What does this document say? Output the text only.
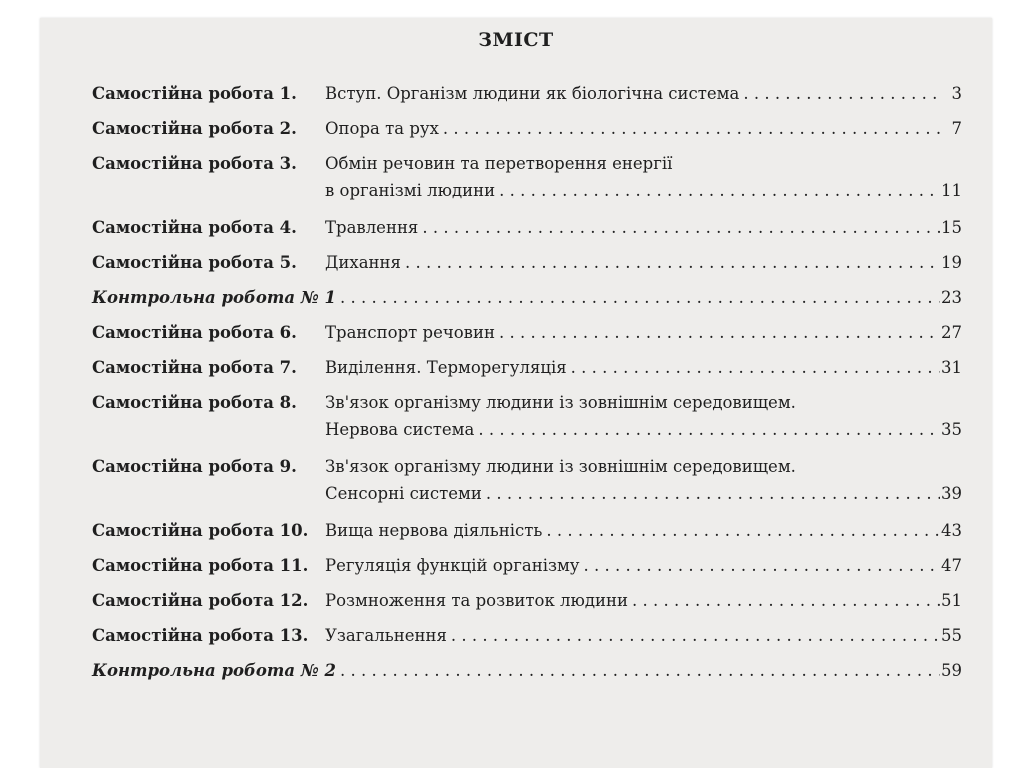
ЗМІСТ
Самостійна робота 1.	Вступ. Організм людини як біологічна система . . .	3
Самостійна робота 2.	Опора та рух . . .	7
Самостійна робота 3.	Обмін речовин та перетворення енергії
в організмі людини . . .	11
Самостійна робота 4.	Травлення . . .	15
Самостійна робота 5.	Дихання . . .	19
Контрольна робота № 1 . . .	23
Самостійна робота 6.	Транспорт речовин . . .	27
Самостійна робота 7.	Виділення. Терморегуляція . . .	31
Самостійна робота 8.	Зв'язок організму людини із зовнішнім середовищем.
Нервова система . . .	35
Самостійна робота 9.	Зв'язок організму людини із зовнішнім середовищем.
Сенсорні системи . . .	39
Самостійна робота 10.	Вища нервова діяльність . . .	43
Самостійна робота 11.	Регуляція функцій організму . . .	47
Самостійна робота 12.	Розмноження та розвиток людини . . .	51
Самостійна робота 13.	Узагальнення . . .	55
Контрольна робота № 2 . . .	59
